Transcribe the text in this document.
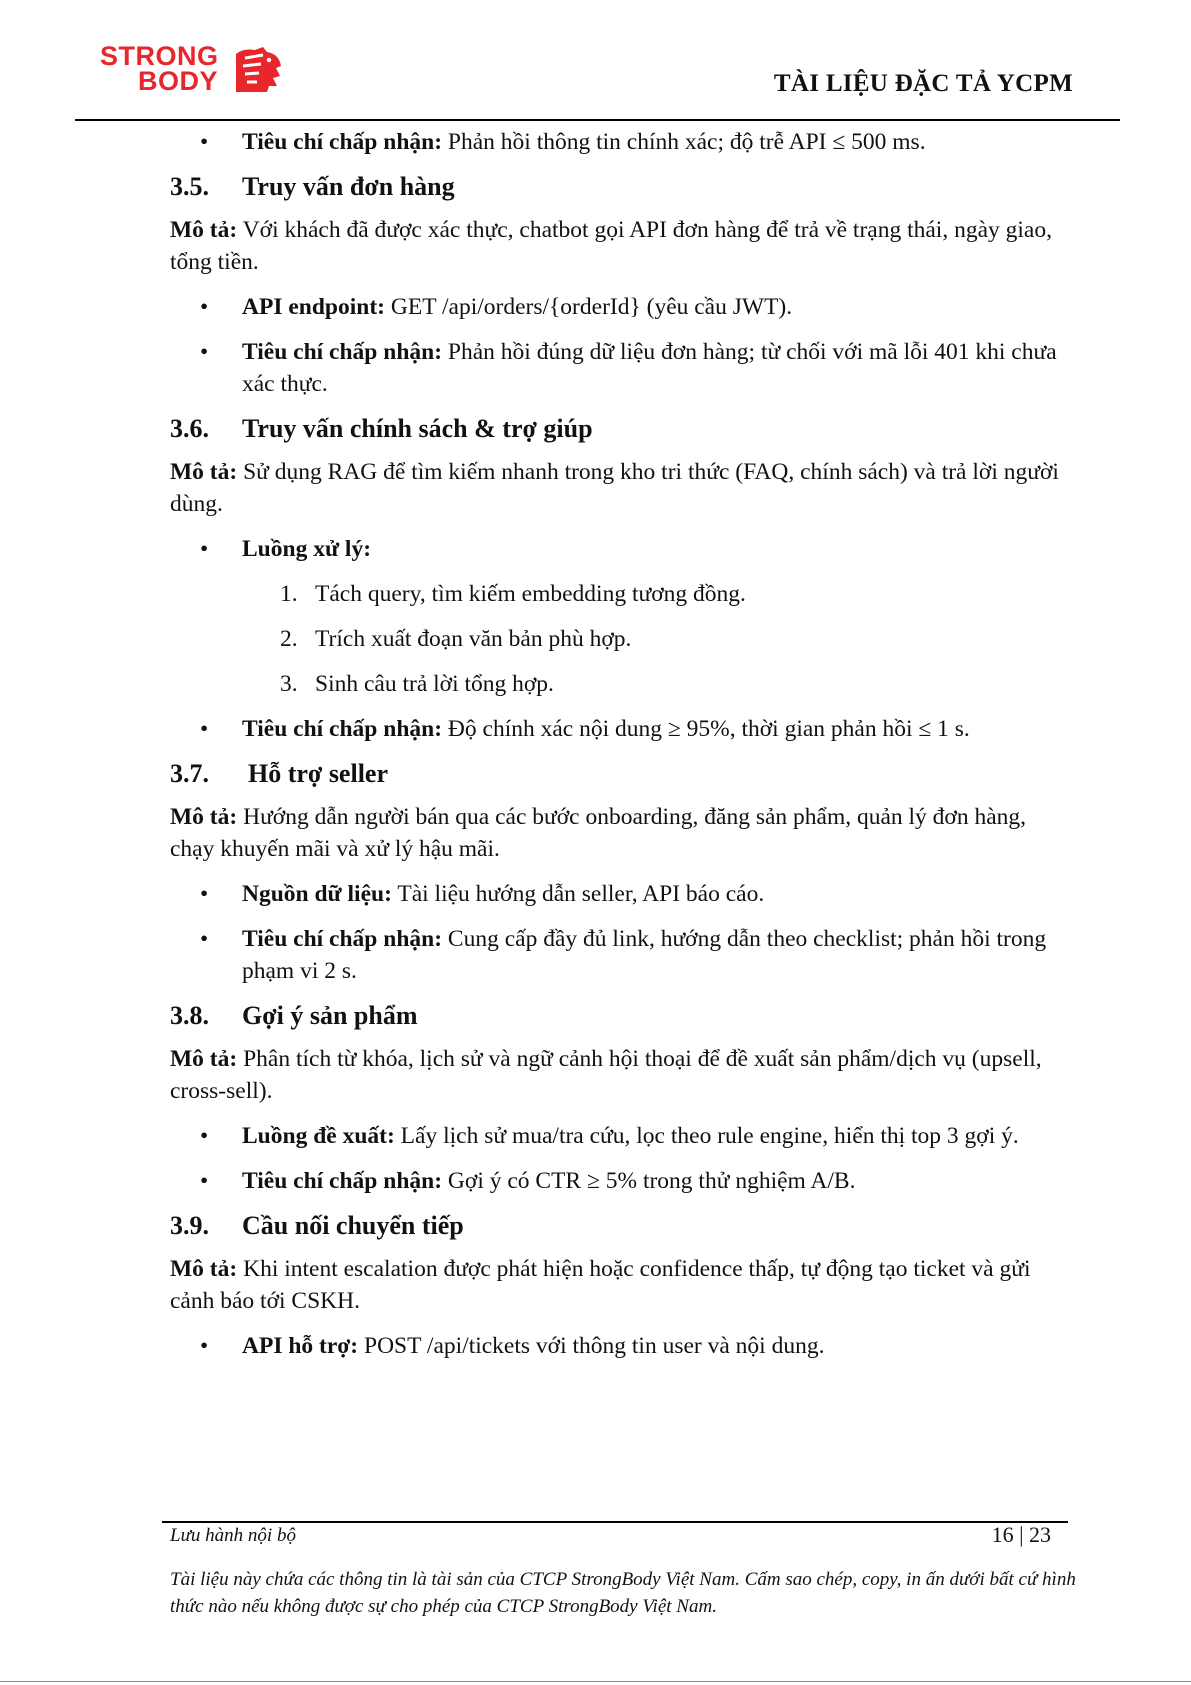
STRONG
BODY	TÀI LIỆU ĐẶC TẢ YCPM

• Tiêu chí chấp nhận: Phản hồi thông tin chính xác; độ trễ API ≤ 500 ms.

3.5. Truy vấn đơn hàng

Mô tả: Với khách đã được xác thực, chatbot gọi API đơn hàng để trả về trạng thái, ngày giao, tổng tiền.

• API endpoint: GET /api/orders/{orderId} (yêu cầu JWT).

• Tiêu chí chấp nhận: Phản hồi đúng dữ liệu đơn hàng; từ chối với mã lỗi 401 khi chưa xác thực.

3.6. Truy vấn chính sách & trợ giúp

Mô tả: Sử dụng RAG để tìm kiếm nhanh trong kho tri thức (FAQ, chính sách) và trả lời người dùng.

• Luồng xử lý:

1. Tách query, tìm kiếm embedding tương đồng.

2. Trích xuất đoạn văn bản phù hợp.

3. Sinh câu trả lời tổng hợp.

• Tiêu chí chấp nhận: Độ chính xác nội dung ≥ 95%, thời gian phản hồi ≤ 1 s.

3.7. Hỗ trợ seller

Mô tả: Hướng dẫn người bán qua các bước onboarding, đăng sản phẩm, quản lý đơn hàng, chạy khuyến mãi và xử lý hậu mãi.

• Nguồn dữ liệu: Tài liệu hướng dẫn seller, API báo cáo.

• Tiêu chí chấp nhận: Cung cấp đầy đủ link, hướng dẫn theo checklist; phản hồi trong phạm vi 2 s.

3.8. Gợi ý sản phẩm

Mô tả: Phân tích từ khóa, lịch sử và ngữ cảnh hội thoại để đề xuất sản phẩm/dịch vụ (upsell, cross-sell).

• Luồng đề xuất: Lấy lịch sử mua/tra cứu, lọc theo rule engine, hiển thị top 3 gợi ý.

• Tiêu chí chấp nhận: Gợi ý có CTR ≥ 5% trong thử nghiệm A/B.

3.9. Cầu nối chuyển tiếp

Mô tả: Khi intent escalation được phát hiện hoặc confidence thấp, tự động tạo ticket và gửi cảnh báo tới CSKH.

• API hỗ trợ: POST /api/tickets với thông tin user và nội dung.

Lưu hành nội bộ	16 | 23
Tài liệu này chứa các thông tin là tài sản của CTCP StrongBody Việt Nam. Cấm sao chép, copy, in ấn dưới bất cứ hình thức nào nếu không được sự cho phép của CTCP StrongBody Việt Nam.
